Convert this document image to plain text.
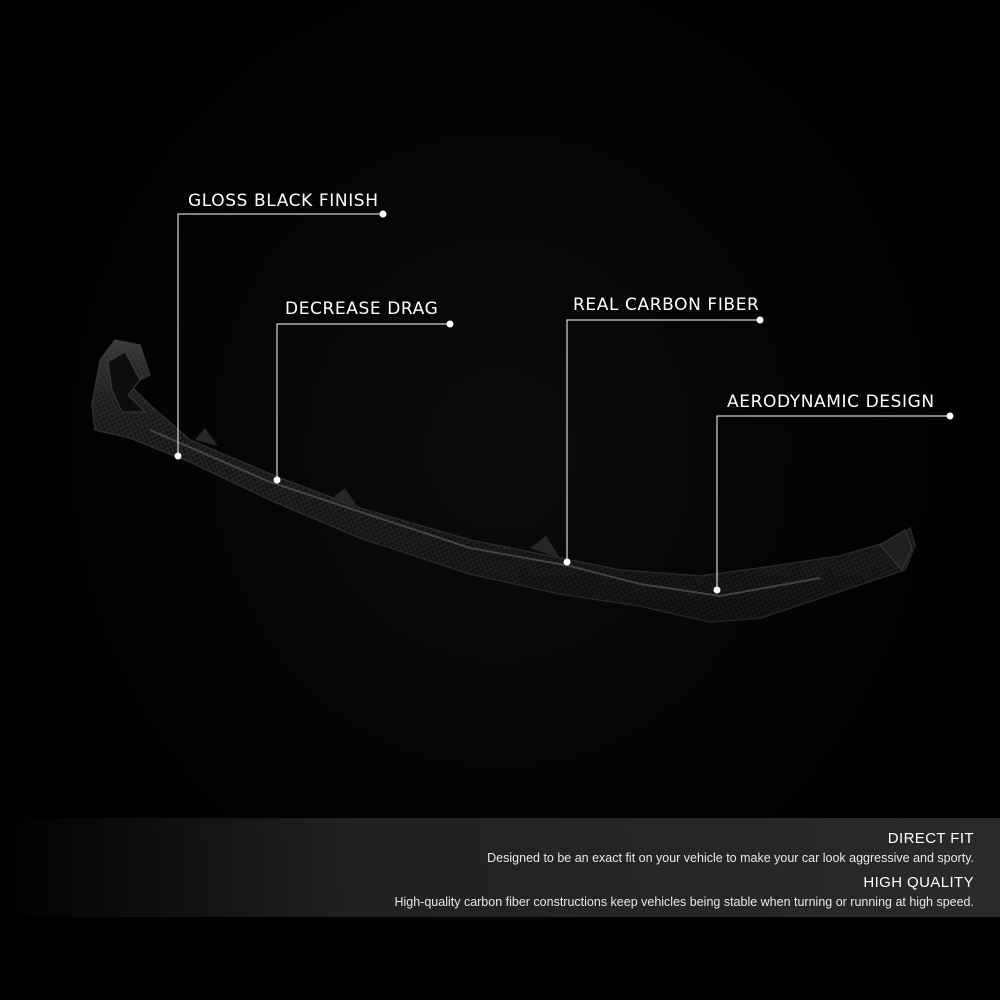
GLOSS BLACK FINISH
DECREASE DRAG	REAL CARBON FIBER
AERODYNAMIC DESIGN
DIRECT FIT
Designed to be an exact fit on your vehicle to make your car look aggressive and sporty.
HIGH QUALITY
High-quality carbon fiber constructions keep vehicles being stable when turning or running at high speed.
